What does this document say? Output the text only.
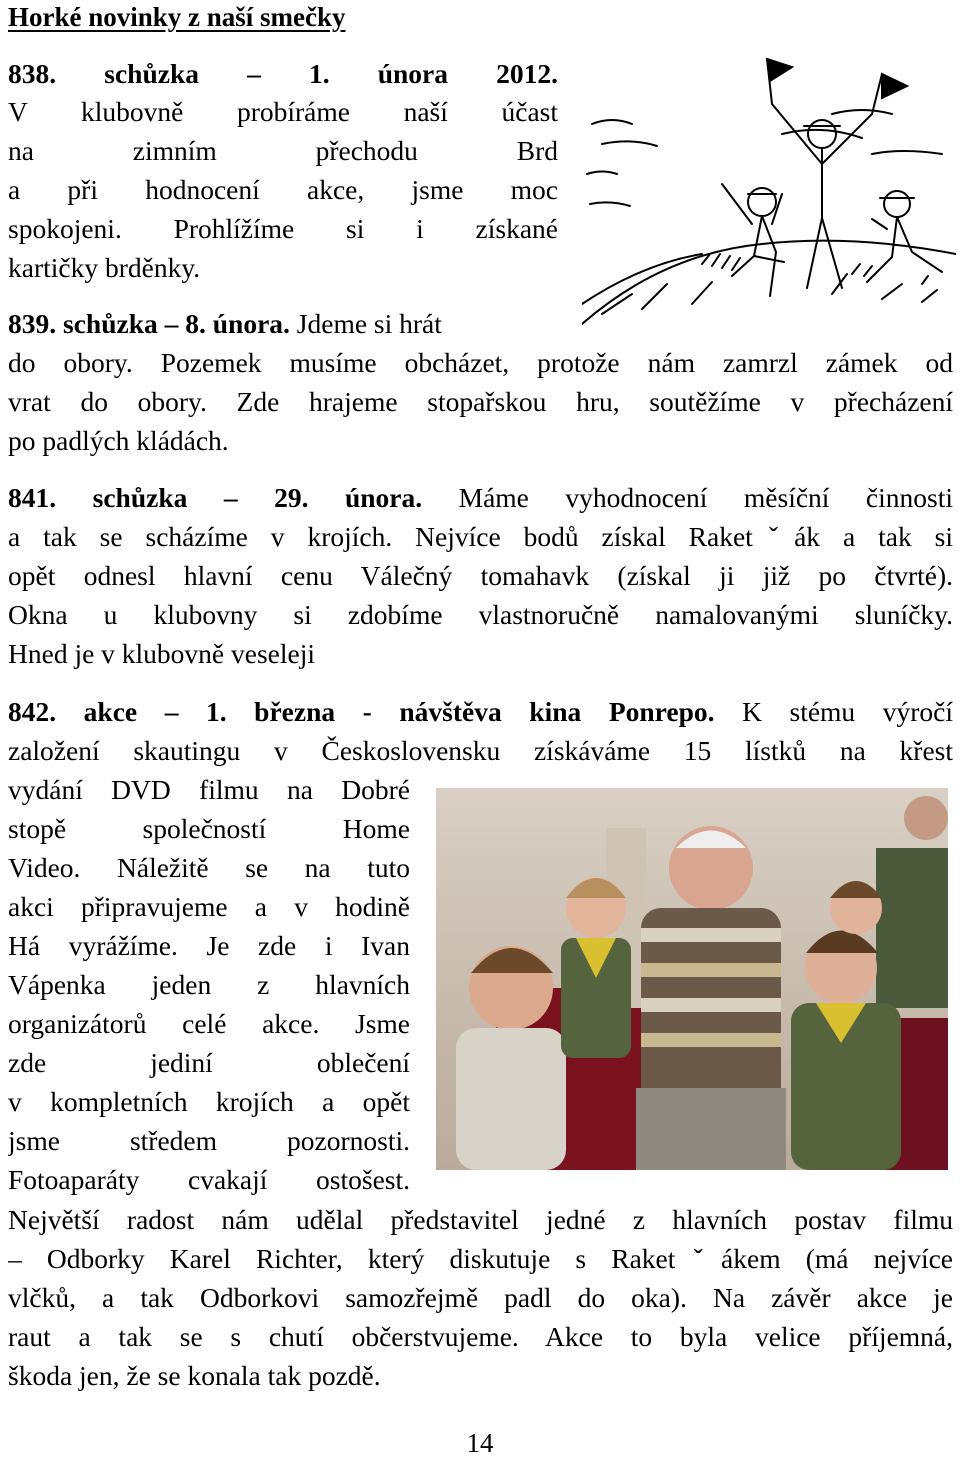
Horké novinky z naší smečky
838. schůzka – 1. února 2012.
V klubovně probíráme naší účast
na zimním přechodu Brd
a při hodnocení akce, jsme moc
spokojeni. Prohlížíme si i získané
kartičky brděnky.
839. schůzka – 8. února. Jdeme si hrát
do obory. Pozemek musíme obcházet, protože nám zamrzl zámek od
vrat do obory. Zde hrajeme stopařskou hru, soutěžíme v přecházení
po padlých kládách.
841. schůzka – 29. února. Máme vyhodnocení měsíční činnosti
a tak se scházíme v krojích. Nejvíce bodů získal Raketˇák a tak si
opět odnesl hlavní cenu Válečný tomahavk (získal ji již po čtvrté).
Okna u klubovny si zdobíme vlastnoručně namalovanými sluníčky.
Hned je v klubovně veseleji
842. akce – 1. března - návštěva kina Ponrepo. K stému výročí
založení skautingu v Československu získáváme 15 lístků na křest
vydání DVD filmu na Dobré
stopě společností Home
Video. Náležitě se na tuto
akci připravujeme a v hodině
Há vyrážíme. Je zde i Ivan
Vápenka jeden z hlavních
organizátorů celé akce. Jsme
zde jediní oblečení
v kompletních krojích a opět
jsme středem pozornosti.
Fotoaparáty cvakají ostošest.
Největší radost nám udělal představitel jedné z hlavních postav filmu
– Odborky Karel Richter, který diskutuje s Raketˇákem (má nejvíce
vlčků, a tak Odborkovi samozřejmě padl do oka). Na závěr akce je
raut a tak se s chutí občerstvujeme. Akce to byla velice příjemná,
škoda jen, že se konala tak pozdě.
14
